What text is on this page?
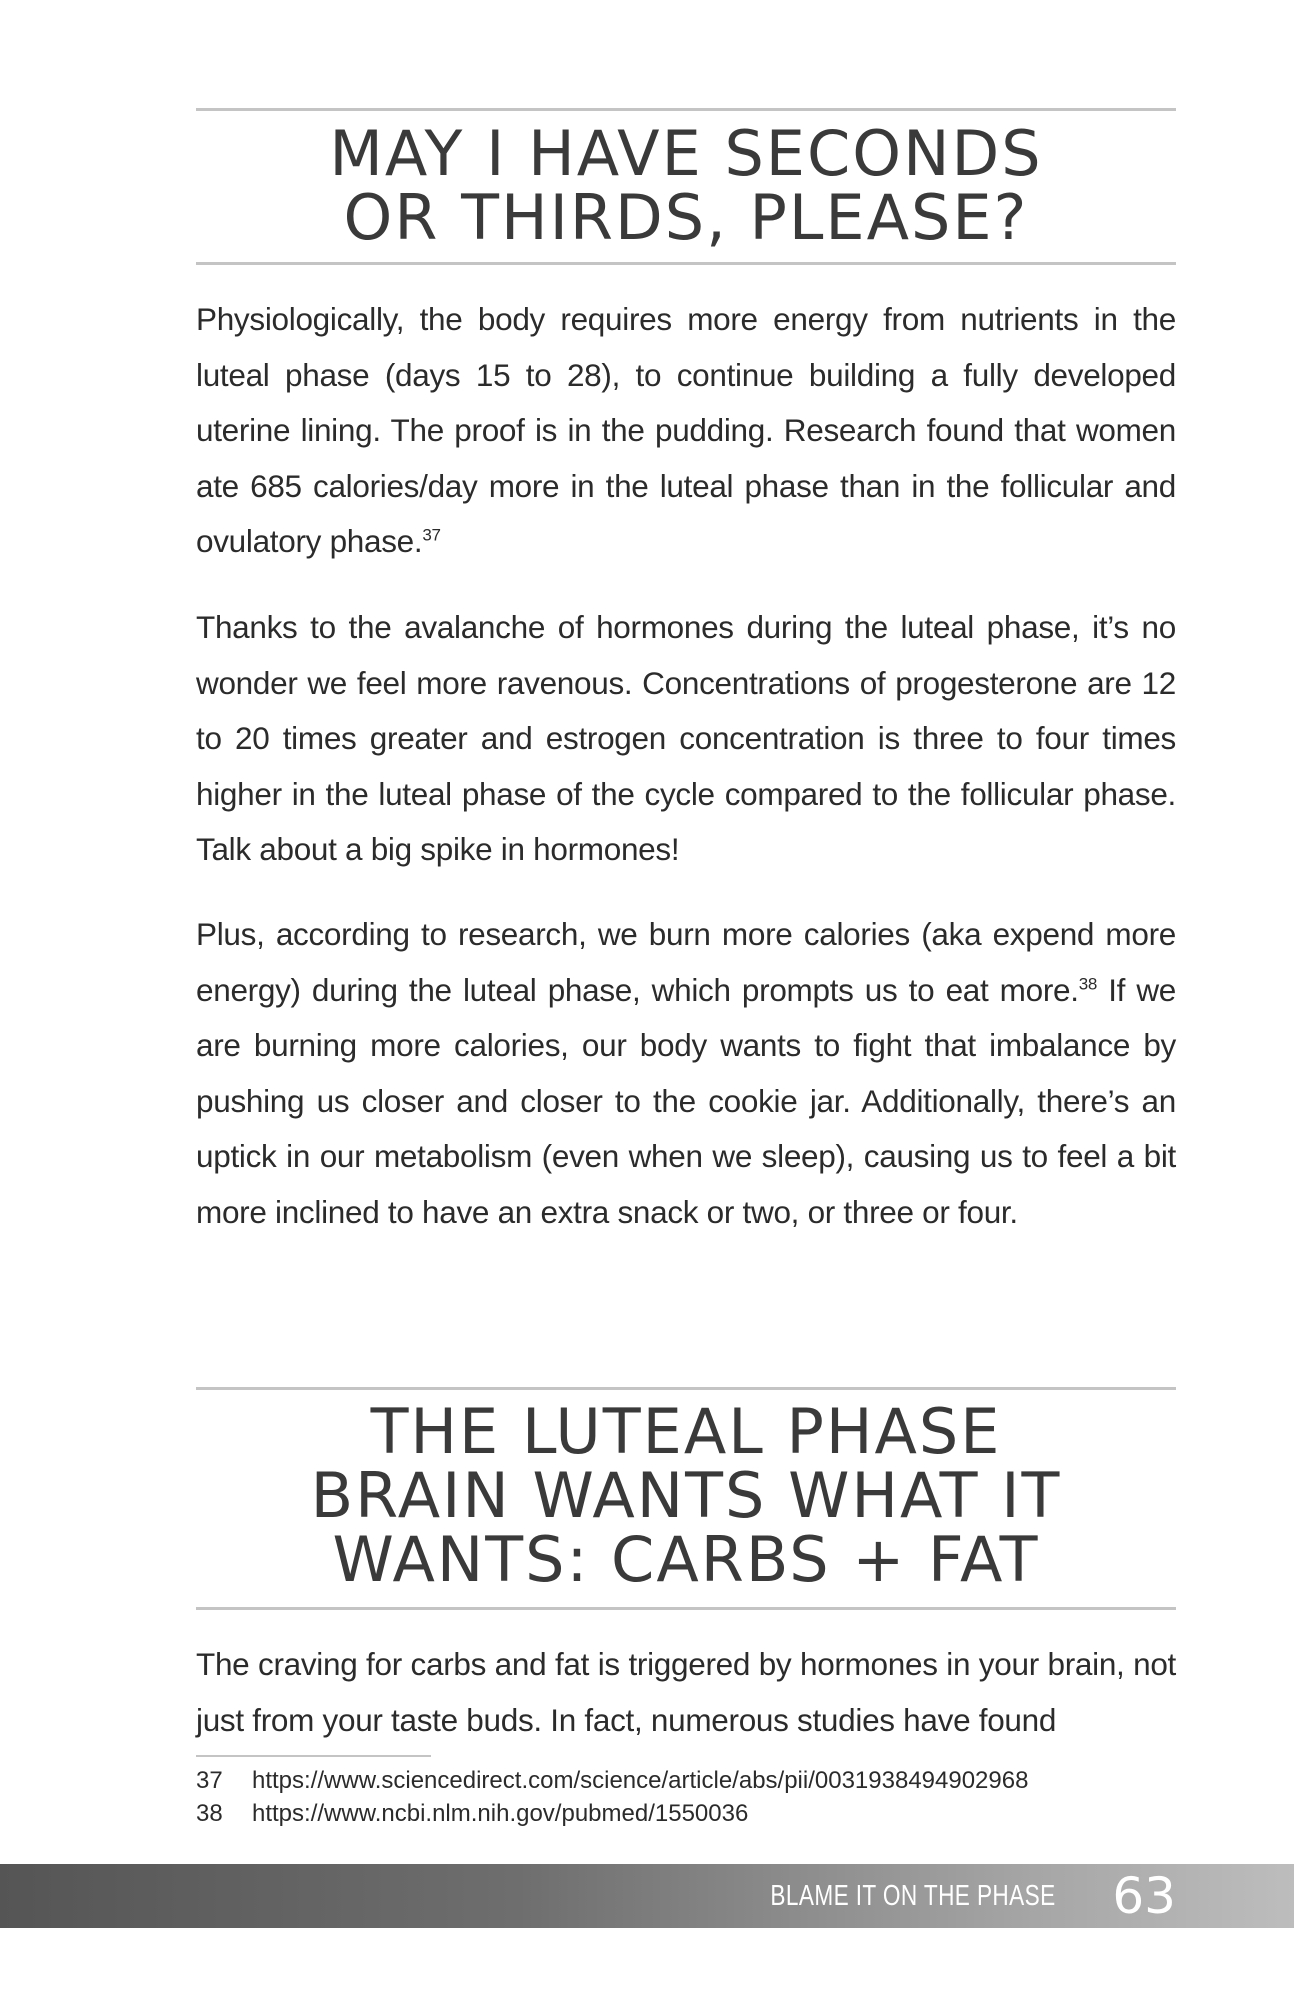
MAY I HAVE SECONDS
OR THIRDS, PLEASE?

Physiologically, the body requires more energy from nutrients in the luteal phase (days 15 to 28), to continue building a fully developed uterine lining. The proof is in the pudding. Research found that women ate 685 calories/day more in the luteal phase than in the follicular and ovulatory phase.$^{37}$

Thanks to the avalanche of hormones during the luteal phase, it’s no wonder we feel more ravenous. Concentrations of progesterone are 12 to 20 times greater and estrogen concentration is three to four times higher in the luteal phase of the cycle compared to the follicular phase. Talk about a big spike in hormones!

Plus, according to research, we burn more calories (aka expend more energy) during the luteal phase, which prompts us to eat more.$^{38}$ If we are burning more calories, our body wants to fight that imbalance by pushing us closer and closer to the cookie jar. Additionally, there’s an uptick in our metabolism (even when we sleep), causing us to feel a bit more inclined to have an extra snack or two, or three or four.

THE LUTEAL PHASE
BRAIN WANTS WHAT IT
WANTS: CARBS + FAT

The craving for carbs and fat is triggered by hormones in your brain, not just from your taste buds. In fact, numerous studies have found

37	https://www.sciencedirect.com/science/article/abs/pii/0031938494902968
38	https://www.ncbi.nlm.nih.gov/pubmed/1550036
BLAME IT ON THE PHASE 63
